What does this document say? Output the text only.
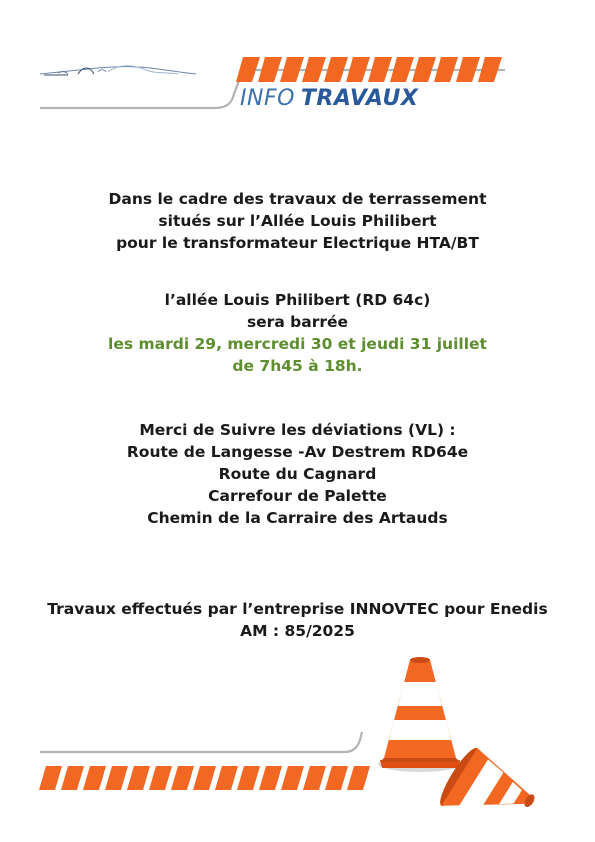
INFO TRAVAUX
Dans le cadre des travaux de terrassement
situés sur l’Allée Louis Philibert
pour le transformateur Electrique HTA/BT
l’allée Louis Philibert (RD 64c)
sera barrée
les mardi 29, mercredi 30 et jeudi 31 juillet
de 7h45 à 18h.
Merci de Suivre les déviations (VL) :
Route de Langesse -Av Destrem RD64e
Route du Cagnard
Carrefour de Palette
Chemin de la Carraire des Artauds
Travaux effectués par l’entreprise INNOVTEC pour Enedis
AM : 85/2025
